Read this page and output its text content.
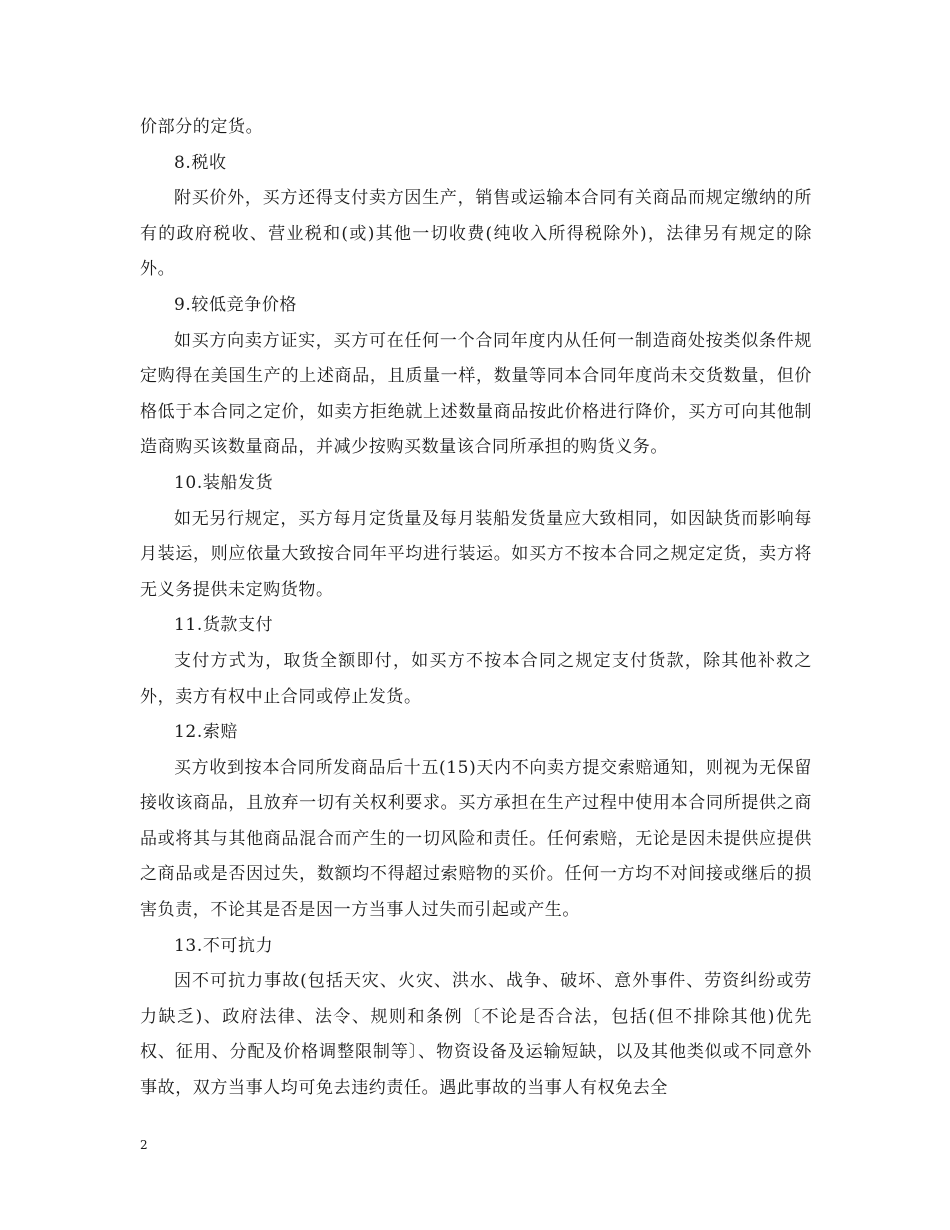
价部分的定货。

8.税收

附买价外，买方还得支付卖方因生产，销售或运输本合同有关商品而规定缴纳的所有的政府税收、营业税和(或)其他一切收费(纯收入所得税除外)，法律另有规定的除外。

9.较低竞争价格

如买方向卖方证实，买方可在任何一个合同年度内从任何一制造商处按类似条件规定购得在美国生产的上述商品，且质量一样，数量等同本合同年度尚未交货数量，但价格低于本合同之定价，如卖方拒绝就上述数量商品按此价格进行降价，买方可向其他制造商购买该数量商品，并减少按购买数量该合同所承担的购货义务。

10.装船发货

如无另行规定，买方每月定货量及每月装船发货量应大致相同，如因缺货而影响每月装运，则应依量大致按合同年平均进行装运。如买方不按本合同之规定定货，卖方将无义务提供未定购货物。

11.货款支付

支付方式为，取货全额即付，如买方不按本合同之规定支付货款，除其他补救之外，卖方有权中止合同或停止发货。

12.索赔

买方收到按本合同所发商品后十五(15)天内不向卖方提交索赔通知，则视为无保留接收该商品，且放弃一切有关权利要求。买方承担在生产过程中使用本合同所提供之商品或将其与其他商品混合而产生的一切风险和责任。任何索赔，无论是因未提供应提供之商品或是否因过失，数额均不得超过索赔物的买价。任何一方均不对间接或继后的损害负责，不论其是否是因一方当事人过失而引起或产生。

13.不可抗力

因不可抗力事故(包括天灾、火灾、洪水、战争、破坏、意外事件、劳资纠纷或劳力缺乏)、政府法律、法令、规则和条例〔不论是否合法，包括(但不排除其他)优先权、征用、分配及价格调整限制等〕、物资设备及运输短缺，以及其他类似或不同意外事故，双方当事人均可免去违约责任。遇此事故的当事人有权免去全

2
